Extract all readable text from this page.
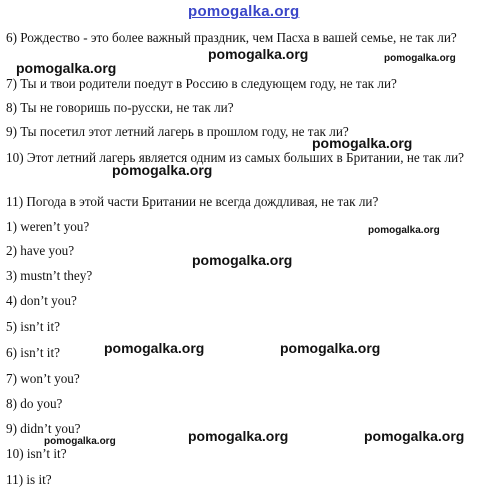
pomogalka.org
6) Рождество - это более важный праздник, чем Пасха в вашей семье, не так ли?
7) Ты и твои родители поедут в Россию в следующем году, не так ли?
8) Ты не говоришь по-русски, не так ли?
9) Ты посетил этот летний лагерь в прошлом году, не так ли?
10) Этот летний лагерь является одним из самых больших в Британии, не так ли?
11) Погода в этой части Британии не всегда дождливая, не так ли?
1) weren’t you?
2) have you?
3) mustn’t they?
4) don’t you?
5) isn’t it?
6) isn’t it?
7) won’t you?
8) do you?
9) didn’t you?
10) isn’t it?
11) is it?
pomogalka.org	pomogalka.org
pomogalka.org
pomogalka.org
pomogalka.org
pomogalka.org
pomogalka.org
pomogalka.org	pomogalka.org
pomogalka.org	pomogalka.org
pomogalka.org
